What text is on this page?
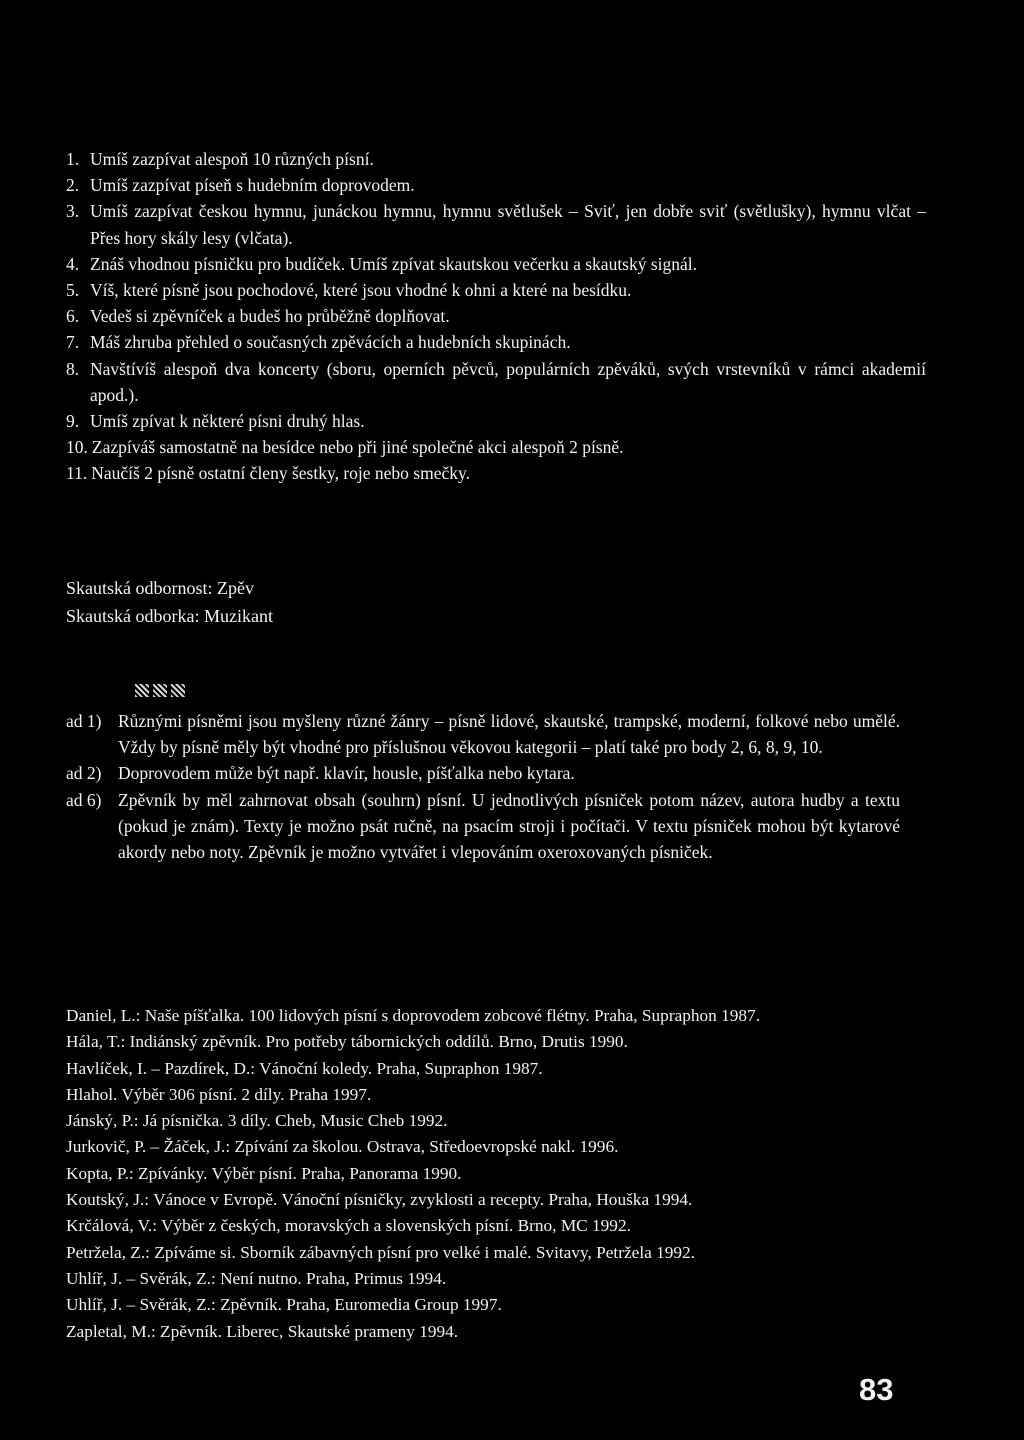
1. Umíš zazpívat alespoň 10 různých písní.
2. Umíš zazpívat píseň s hudebním doprovodem.
3. Umíš zazpívat českou hymnu, junáckou hymnu, hymnu světlušek – Sviť, jen dobře sviť (světlušky), hymnu vlčat – Přes hory skály lesy (vlčata).
4. Znáš vhodnou písničku pro budíček. Umíš zpívat skautskou večerku a skautský signál.
5. Víš, které písně jsou pochodové, které jsou vhodné k ohni a které na besídku.
6. Vedeš si zpěvníček a budeš ho průběžně doplňovat.
7. Máš zhruba přehled o současných zpěvácích a hudebních skupinách.
8. Navštívíš alespoň dva koncerty (sboru, operních pěvců, populárních zpěváků, svých vrstevníků v rámci akademií apod.).
9. Umíš zpívat k některé písni druhý hlas.
10. Zazpíváš samostatně na besídce nebo při jiné společné akci alespoň 2 písně.
11. Naučíš 2 písně ostatní členy šestky, roje nebo smečky.
Skautská odbornost: Zpěv
Skautská odborka: Muzikant
ad 1) Různými písněmi jsou myšleny různé žánry – písně lidové, skautské, trampské, moderní, folkové nebo umělé. Vždy by písně měly být vhodné pro příslušnou věkovou kategorii – platí také pro body 2, 6, 8, 9, 10.
ad 2) Doprovodem může být např. klavír, housle, píšťalka nebo kytara.
ad 6) Zpěvník by měl zahrnovat obsah (souhrn) písní. U jednotlivých písniček potom název, autora hudby a textu (pokud je znám). Texty je možno psát ručně, na psacím stroji i počítači. V textu písniček mohou být kytarové akordy nebo noty. Zpěvník je možno vytvářet i vlepováním oxeroxovaných písniček.
Daniel, L.: Naše píšťalka. 100 lidových písní s doprovodem zobcové flétny. Praha, Supraphon 1987.
Hála, T.: Indiánský zpěvník. Pro potřeby tábornických oddílů. Brno, Drutis 1990.
Havlíček, I. – Pazdírek, D.: Vánoční koledy. Praha, Supraphon 1987.
Hlahol. Výběr 306 písní. 2 díly. Praha 1997.
Jánský, P.: Já písnička. 3 díly. Cheb, Music Cheb 1992.
Jurkovič, P. – Žáček, J.: Zpívání za školou. Ostrava, Středoevropské nakl. 1996.
Kopta, P.: Zpívánky. Výběr písní. Praha, Panorama 1990.
Koutský, J.: Vánoce v Evropě. Vánoční písničky, zvyklosti a recepty. Praha, Houška 1994.
Krčálová, V.: Výběr z českých, moravských a slovenských písní. Brno, MC 1992.
Petržela, Z.: Zpíváme si. Sborník zábavných písní pro velké i malé. Svitavy, Petržela 1992.
Uhlíř, J. – Svěrák, Z.: Není nutno. Praha, Primus 1994.
Uhlíř, J. – Svěrák, Z.: Zpěvník. Praha, Euromedia Group 1997.
Zapletal, M.: Zpěvník. Liberec, Skautské prameny 1994.
83
